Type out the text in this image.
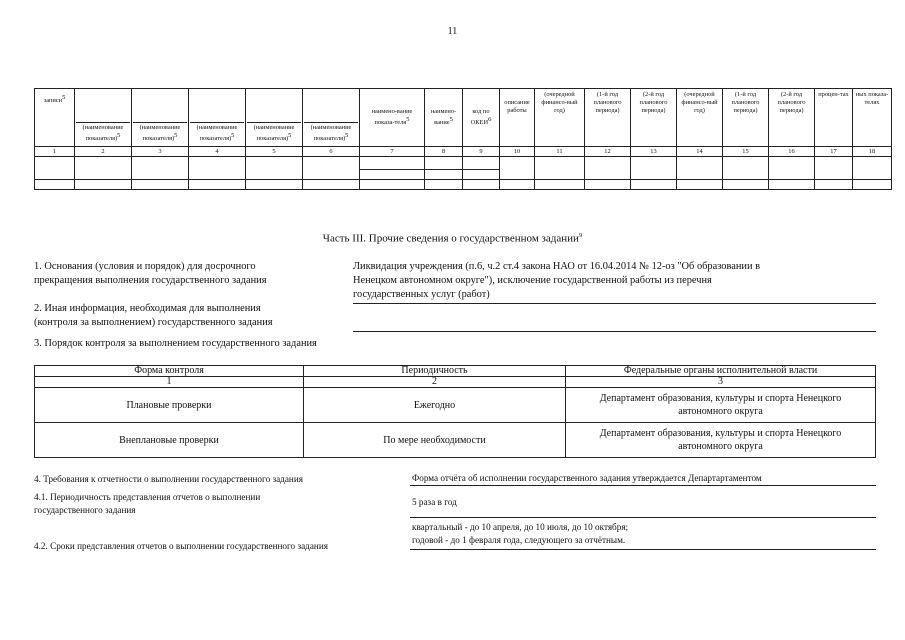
11
записи$^5$	(наименование показателя)$^5$	(наименование показателя)$^5$	(наименование показателя)$^5$	(наименование показателя)$^5$	(наименование показателя)$^5$	наимено-вание показа-теля$^5$	наимено-вание$^5$	код по ОКЕИ$^6$	описание работы	(очередной финансо-вый год)	(1-й год планового периода)	(2-й год планового периода)	(очередной финансо-вый год)	(1-й год планового периода)	(2-й год планового периода)	процен-тах	ных показа-телях
1	2	3	4	5	6	7	8	9	10	11	12	13	14	15	16	17	18

Часть III. Прочие сведения о государственном задании$^9$
1. Основания (условия и порядок) для досрочного
прекращения выполнения государственного задания
Ликвидация учреждения (п.6, ч.2 ст.4 закона НАО от 16.04.2014 № 12-оз "Об образовании в
Ненецком автономном округе"), исключение государственной работы из перечня
государственных услуг (работ)
2. Иная информация, необходимая для выполнения
(контроля за выполнением) государственного задания
3. Порядок контроля за выполнением государственного задания
Форма контроля	Периодичность	Федеральные органы исполнительной власти
1	2	3
Плановые проверки	Ежегодно	Департамент образования, культуры и спорта Ненецкого
автономного округа

Внеплановые проверки	По мере необходимости	Департамент образования, культуры и спорта Ненецкого
автономного округа
4. Требования к отчетности о выполнении государственного задания	Форма отчёта об исполнении государственного задания утверждается Департартаментом
4.1. Периодичность представления отчетов о выполнении
государственного задания
5 раза в год
4.2. Сроки представления отчетов о выполнении государственного задания
квартальный - до 10 апреля, до 10 июля, до 10 октября;
годовой - до 1 февраля года, следующего за отчётным.
